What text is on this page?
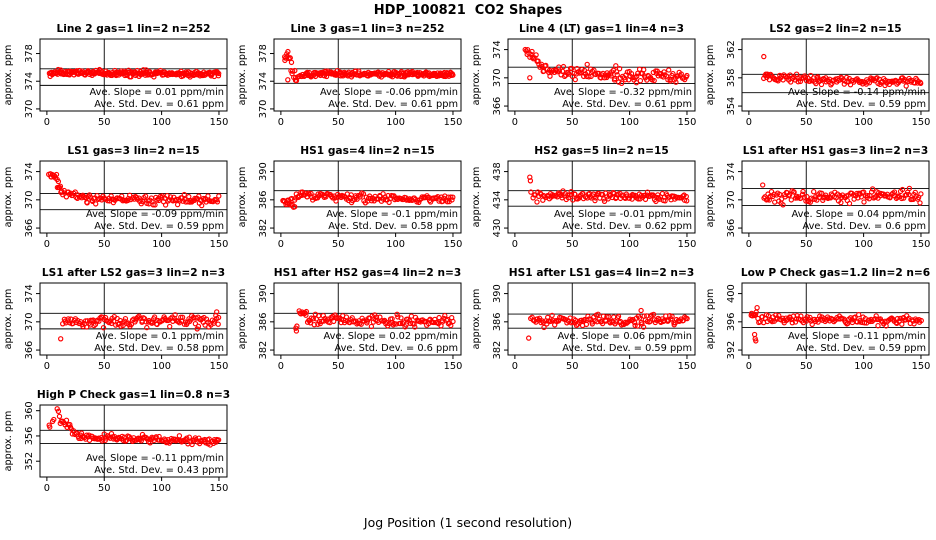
HDP_100821  CO2 Shapes
Line 2 gas=1 lin=2 n=252
0	50	100	150
370
374
378
approx. ppm	Ave. Slope = 0.01 ppm/min
Ave. Std. Dev. = 0.61 ppm
Line 3 gas=1 lin=3 n=252
0	50	100	150
370
374
378
approx. ppm	Ave. Slope = -0.06 ppm/min
Ave. Std. Dev. = 0.61 ppm
Line 4 (LT) gas=1 lin=4 n=3
0	50	100	150
366
370
374
approx. ppm	Ave. Slope = -0.32 ppm/min
Ave. Std. Dev. = 0.61 ppm
LS2 gas=2 lin=2 n=15
0	50	100	150
354
358
362
approx. ppm	Ave. Slope = -0.14 ppm/min
Ave. Std. Dev. = 0.59 ppm
LS1 gas=3 lin=2 n=15
0	50	100	150
366
370
374
approx. ppm	Ave. Slope = -0.09 ppm/min
Ave. Std. Dev. = 0.59 ppm
HS1 gas=4 lin=2 n=15
0	50	100	150
382
386
390
approx. ppm	Ave. Slope = -0.1 ppm/min
Ave. Std. Dev. = 0.58 ppm
HS2 gas=5 lin=2 n=15
0	50	100	150
430
434
438
approx. ppm	Ave. Slope = -0.01 ppm/min
Ave. Std. Dev. = 0.62 ppm
LS1 after HS1 gas=3 lin=2 n=3
0	50	100	150
366
370
374
approx. ppm	Ave. Slope = 0.04 ppm/min
Ave. Std. Dev. = 0.6 ppm
LS1 after LS2 gas=3 lin=2 n=3
0	50	100	150
366
370
374
approx. ppm	Ave. Slope = 0.1 ppm/min
Ave. Std. Dev. = 0.58 ppm
HS1 after HS2 gas=4 lin=2 n=3
0	50	100	150
382
386
390
approx. ppm	Ave. Slope = 0.02 ppm/min
Ave. Std. Dev. = 0.6 ppm
HS1 after LS1 gas=4 lin=2 n=3
0	50	100	150
382
386
390
approx. ppm	Ave. Slope = 0.06 ppm/min
Ave. Std. Dev. = 0.59 ppm
Low P Check gas=1.2 lin=2 n=6
0	50	100	150
392
396
400
approx. ppm	Ave. Slope = -0.11 ppm/min
Ave. Std. Dev. = 0.59 ppm
High P Check gas=1 lin=0.8 n=3
0	50	100	150
352
356
360
approx. ppm	Ave. Slope = -0.11 ppm/min
Ave. Std. Dev. = 0.43 ppm
Jog Position (1 second resolution)
